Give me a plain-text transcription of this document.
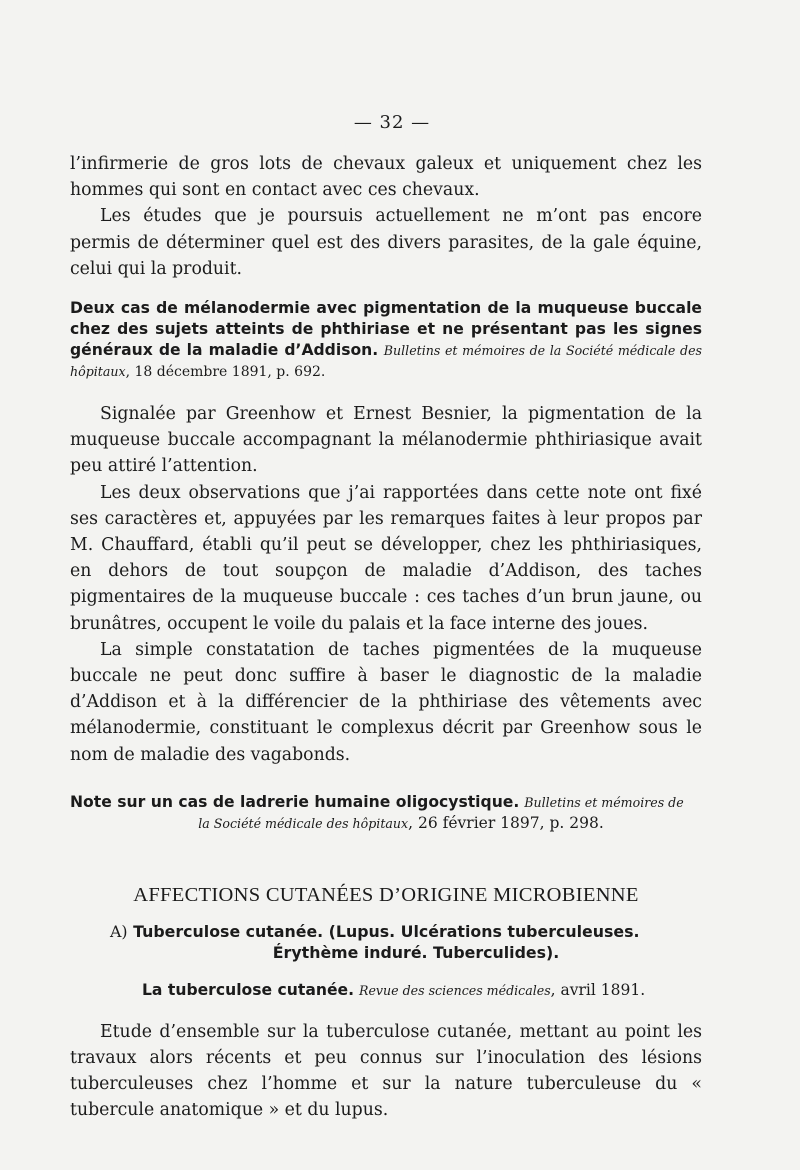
— 32 —

l’infirmerie de gros lots de chevaux galeux et uniquement chez les hommes qui sont en contact avec ces chevaux.

Les études que je poursuis actuellement ne m’ont pas encore permis de déterminer quel est des divers parasites, de la gale équine, celui qui la produit.

Deux cas de mélanodermie avec pigmentation de la muqueuse buccale chez des sujets atteints de phthiriase et ne présentant pas les signes généraux de la maladie d’Addison. Bulletins et mémoires de la Société médicale des hôpitaux, 18 décembre 1891, p. 692.

Signalée par Greenhow et Ernest Besnier, la pigmentation de la muqueuse buccale accompagnant la mélanodermie phthiriasique avait peu attiré l’attention.

Les deux observations que j’ai rapportées dans cette note ont fixé ses caractères et, appuyées par les remarques faites à leur propos par M. Chauffard, établi qu’il peut se développer, chez les phthiriasiques, en dehors de tout soupçon de maladie d’Addison, des taches pigmentaires de la muqueuse buccale : ces taches d’un brun jaune, ou brunâtres, occupent le voile du palais et la face interne des joues.

La simple constatation de taches pigmentées de la muqueuse buccale ne peut donc suffire à baser le diagnostic de la maladie d’Addison et à la différencier de la phthiriase des vêtements avec mélanodermie, constituant le complexus décrit par Greenhow sous le nom de maladie des vagabonds.

Note sur un cas de ladrerie humaine oligocystique. Bulletins et mémoires de
la Société médicale des hôpitaux, 26 février 1897, p. 298.
AFFECTIONS CUTANÉES D’ORIGINE MICROBIENNE
A) Tuberculose cutanée. (Lupus. Ulcérations tuberculeuses.
Érythème induré. Tuberculides).
La tuberculose cutanée. Revue des sciences médicales, avril 1891.

Etude d’ensemble sur la tuberculose cutanée, mettant au point les travaux alors récents et peu connus sur l’inoculation des lésions tuberculeuses chez l’homme et sur la nature tuberculeuse du « tubercule anatomique » et du lupus.
